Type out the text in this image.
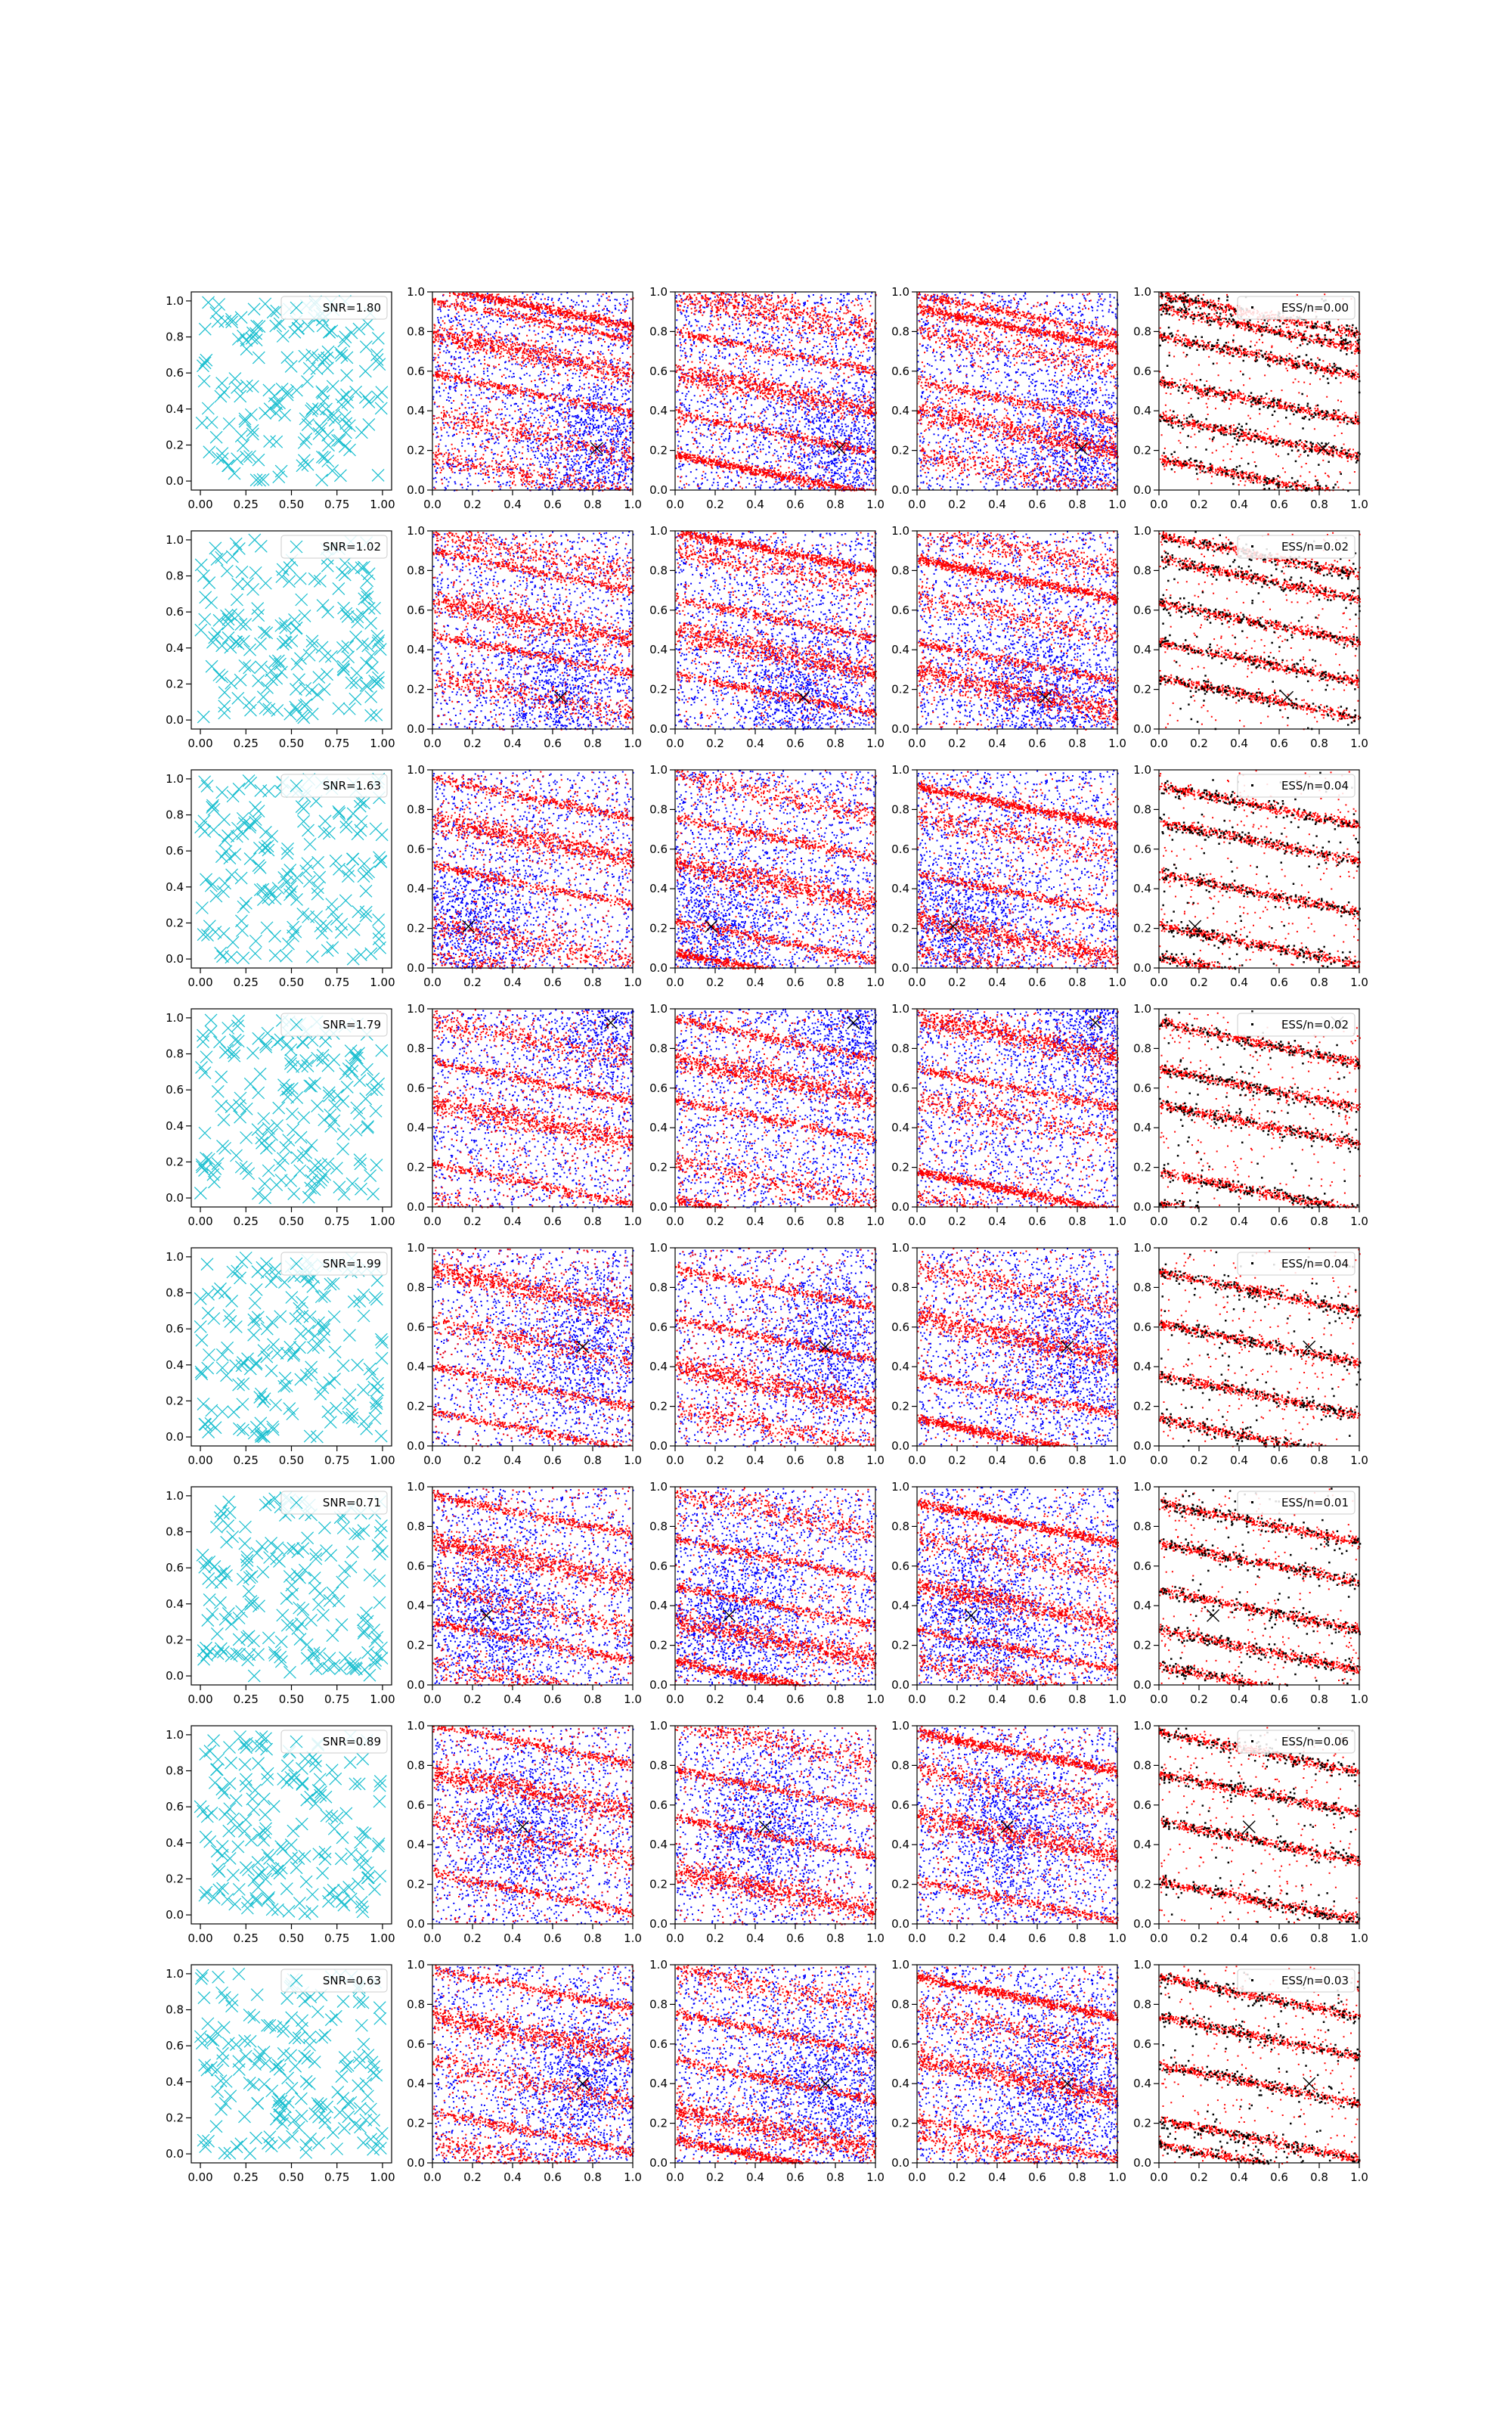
0.0
0.2
0.4
0.6
0.8
1.0
0.00 0.25 0.50 0.75 1.00
SNR=1.80
0.0
0.2
0.4
0.6
0.8
1.0
0.0 0.2 0.4 0.6 0.8 1.0
0.0
0.2
0.4
0.6
0.8
1.0
0.0 0.2 0.4 0.6 0.8 1.0
0.0
0.2
0.4
0.6
0.8
1.0
0.0 0.2 0.4 0.6 0.8 1.0
0.0
0.2
0.4
0.6
0.8
1.0
0.0 0.2 0.4 0.6 0.8 1.0
ESS/n=0.00
0.0
0.2
0.4
0.6
0.8
1.0
0.00 0.25 0.50 0.75 1.00
SNR=1.02
0.0
0.2
0.4
0.6
0.8
1.0
0.0 0.2 0.4 0.6 0.8 1.0
0.0
0.2
0.4
0.6
0.8
1.0
0.0 0.2 0.4 0.6 0.8 1.0
0.0
0.2
0.4
0.6
0.8
1.0
0.0 0.2 0.4 0.6 0.8 1.0
0.0
0.2
0.4
0.6
0.8
1.0
0.0 0.2 0.4 0.6 0.8 1.0
ESS/n=0.02
0.0
0.2
0.4
0.6
0.8
1.0
0.00 0.25 0.50 0.75 1.00
SNR=1.63
0.0
0.2
0.4
0.6
0.8
1.0
0.0 0.2 0.4 0.6 0.8 1.0
0.0
0.2
0.4
0.6
0.8
1.0
0.0 0.2 0.4 0.6 0.8 1.0
0.0
0.2
0.4
0.6
0.8
1.0
0.0 0.2 0.4 0.6 0.8 1.0
0.0
0.2
0.4
0.6
0.8
1.0
0.0 0.2 0.4 0.6 0.8 1.0
ESS/n=0.04
0.0
0.2
0.4
0.6
0.8
1.0
0.00 0.25 0.50 0.75 1.00
SNR=1.79
0.0
0.2
0.4
0.6
0.8
1.0
0.0 0.2 0.4 0.6 0.8 1.0
0.0
0.2
0.4
0.6
0.8
1.0
0.0 0.2 0.4 0.6 0.8 1.0
0.0
0.2
0.4
0.6
0.8
1.0
0.0 0.2 0.4 0.6 0.8 1.0
0.0
0.2
0.4
0.6
0.8
1.0
0.0 0.2 0.4 0.6 0.8 1.0
ESS/n=0.02
0.0
0.2
0.4
0.6
0.8
1.0
0.00 0.25 0.50 0.75 1.00
SNR=1.99
0.0
0.2
0.4
0.6
0.8
1.0
0.0 0.2 0.4 0.6 0.8 1.0
0.0
0.2
0.4
0.6
0.8
1.0
0.0 0.2 0.4 0.6 0.8 1.0
0.0
0.2
0.4
0.6
0.8
1.0
0.0 0.2 0.4 0.6 0.8 1.0
0.0
0.2
0.4
0.6
0.8
1.0
0.0 0.2 0.4 0.6 0.8 1.0
ESS/n=0.04
0.0
0.2
0.4
0.6
0.8
1.0
0.00 0.25 0.50 0.75 1.00
SNR=0.71
0.0
0.2
0.4
0.6
0.8
1.0
0.0 0.2 0.4 0.6 0.8 1.0
0.0
0.2
0.4
0.6
0.8
1.0
0.0 0.2 0.4 0.6 0.8 1.0
0.0
0.2
0.4
0.6
0.8
1.0
0.0 0.2 0.4 0.6 0.8 1.0
0.0
0.2
0.4
0.6
0.8
1.0
0.0 0.2 0.4 0.6 0.8 1.0
ESS/n=0.01
0.0
0.2
0.4
0.6
0.8
1.0
0.00 0.25 0.50 0.75 1.00
SNR=0.89
0.0
0.2
0.4
0.6
0.8
1.0
0.0 0.2 0.4 0.6 0.8 1.0
0.0
0.2
0.4
0.6
0.8
1.0
0.0 0.2 0.4 0.6 0.8 1.0
0.0
0.2
0.4
0.6
0.8
1.0
0.0 0.2 0.4 0.6 0.8 1.0
0.0
0.2
0.4
0.6
0.8
1.0
0.0 0.2 0.4 0.6 0.8 1.0
ESS/n=0.06
0.0
0.2
0.4
0.6
0.8
1.0
0.00 0.25 0.50 0.75 1.00
SNR=0.63
0.0
0.2
0.4
0.6
0.8
1.0
0.0 0.2 0.4 0.6 0.8 1.0
0.0
0.2
0.4
0.6
0.8
1.0
0.0 0.2 0.4 0.6 0.8 1.0
0.0
0.2
0.4
0.6
0.8
1.0
0.0 0.2 0.4 0.6 0.8 1.0
0.0
0.2
0.4
0.6
0.8
1.0
0.0 0.2 0.4 0.6 0.8 1.0
ESS/n=0.03
